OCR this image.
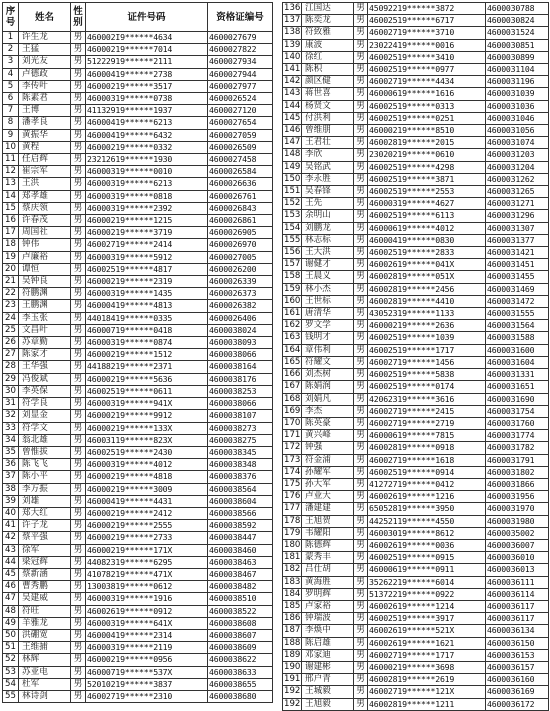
序号	姓名	性别	证件号码	资格证编号
1	许生龙	男	460002I9******4634	4600027679
2	王猛	男	46000219******7014	4600027822
3	刘光友	男	51222919******2111	4600027934
4	卢德政	男	46000419******2738	4600027944
5	李传叶	男	46000219******3517	4600027977
6	陈素君	男	46000319******0738	4600026524
7	王博	男	41132919******1937	4600027120
8	潘孝良	男	46000419******6213	4600027654
9	黄振华	男	46000419******6432	4600027059
10	黄程	男	46000219******0332	4600026509
11	任启辉	男	23212619******1930	4600027458
12	崔宗军	男	46000319******0010	4600026584
13	王洪	男	46000319******6213	4600026636
14	郑孝雄	男	46000319******0818	4600026761
15	蔡庆领	男	46000319******2392	4600026843
16	许春茂	男	46000219******1215	4600026861
17	周国社	男	46000219******3719	4600026905
18	钟伟	男	46002719******2414	4600026970
19	卢廉裕	男	46000319******5912	4600027005
20	谭恒	男	46002519******4817	4600026200
21	吴钟良	男	46000219******2319	4600026339
22	符鹏渊	男	46000319******1435	4600026373
23	王鹏渊	男	46000419******4813	4600026382
24	李玉张	男	44018419******0335	4600026406
25	文昌叶	男	46000719******0418	4600038024
26	苏章勤	男	46000319******0874	4600038093
27	陈家才	男	46000219******1512	4600038066
28	王华强	男	44188219******2371	4600038164
29	冯俊斌	男	46000219******5636	4600038176
30	李英保	男	46002519******0611	4600038253
31	符学良	男	46000319******941X	4600038066
32	刘显金	男	46000219******9912	4600038107
33	符学文	男	46000219******133X	4600038273
34	翁北雄	男	46003119******823X	4600038275
35	曾惟拔	男	46002519******2430	4600038345
36	陈飞飞	男	46000319******4012	4600038348
37	陈小平	男	46000219******4818	4600038376
38	李万振	男	46000219******3009	4600038564
39	刘雄	男	46000419******4431	4600038604
40	郑大红	男	46000219******2412	4600038566
41	许子龙	男	46000219******2555	4600038592
42	蔡平强	男	46000219******2733	4600038447
43	徐军	男	46000219******171X	4600038460
44	梁冠辉	男	44082319******6295	4600038463
45	蔡新涵	男	41078219******471X	4600038467
46	曹秀鹏	男	13003819******0612	4600038482
47	吴建威	男	46000319******1916	4600038510
48	符旺	男	46002619******0912	4600038522
49	羊雅龙	男	46000319******641X	4600038608
50	洪硼宽	男	46000419******2314	4600038607
51	王维捕	男	46000319******2119	4600038609
52	林辉	男	46000219******0956	4600038622
53	苏亚电	男	46000719******537X	4600038633
54	杜军	男	52010219******3837	4600038655
55	林诗剑	男	46002719******2310	4600038680
136	江国达	男	45092219******3872	4600030788
137	陈奕龙	男	46002519******6717	4600030824
138	符致雅	男	46002719******3710	4600031524
139	康波	男	23022419******0016	4600030851
140	徐红	男	46002519******3410	4600030899
141	陈积	男	46002519******0977	4600031104
142	颜区健	男	46002719******4434	4600031196
143	蒋世喜	男	46000619******1616	4600031039
144	杨贤文	男	46002519******0313	4600031036
145	付洪利	男	46002519******0251	4600031046
146	曾维朋	男	46000219******8510	4600031056
147	王君壮	男	46002819******2015	4600031074
148	李欣	男	23020219******0610	4600031203
149	吴铭武	男	46002519******4298	4600031204
150	李永胜	男	46002519******3871	4600031262
151	吴春锋	男	46002519******2553	4600031265
152	王先	男	46000319******4627	4600031271
153	余明山	男	46002519******6113	4600031296
154	刘鹏龙	男	46000619******4012	4600031307
155	林志标	男	46000419******0830	4600031377
156	王大洪	男	46002519******2833	4600031421
157	谢健才	男	46002619******041X	4600031451
158	王晨义	男	46002819******051X	4600031455
159	林小杰	男	46002819******2456	4600031469
160	王世标	男	46002819******4410	4600031472
161	唐清华	男	43052319******1133	4600031555
162	罗文学	男	46000219******2636	4600031564
163	钱明才	男	46002519******1039	4600031588
164	章伟利	男	46002519******1717	4600031600
165	符耀文	男	46002719******1456	4600031604
166	刘杰树	男	46002519******5838	4600031331
167	陈娟润	男	46002519******0174	4600031651
168	刘娟凡	男	42062319******3616	4600031690
169	李杰	男	46002719******2415	4600031754
170	陈英豪	男	46002719******2719	4600031760
171	黄兴峰	男	46000619******7815	4600031774
172	钟强	男	46002819******0918	4600031782
173	符金浦	男	46002719******1618	4600031791
174	孙耀军	男	46002519******0914	4600031802
175	孙大军	男	41272719******0412	4600031866
176	卢业大	男	46002619******1216	4600031956
177	潘建建	男	65052819******3950	4600031970
178	王旭贺	男	44252119******4550	4600031980
179	韦耀阳	男	46003019******8612	4600035002
180	陈德辉	男	46002619******0036	4600036007
181	蒙秀丰	男	46002519******0915	4600036010
182	吕仕胡	男	46000619******0911	4600036013
183	黄海胜	男	35262219******6014	4600036111
184	罗明辉	男	51372219******0922	4600036114
185	卢家裕	男	46002619******1214	4600036117
186	钟瑞波	男	46002519******3917	4600036117
187	李焕中	男	46002619******521X	4600036134
188	陈启雄	男	46002619******1621	4600036150
189	邓家迪	男	46002719******1717	4600036153
190	谢建彬	男	46000219******3698	4600036157
191	邢户青	男	46002819******2619	4600036160
192	王城毅	男	46002719******121X	4600036169
192	王旭毅	男	46002819******1211	4600036172
